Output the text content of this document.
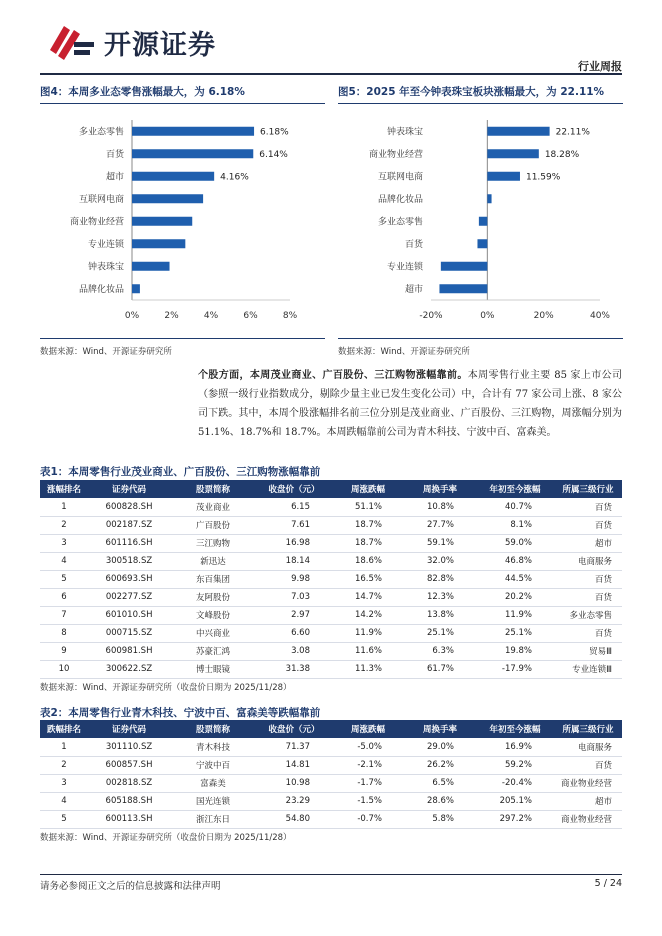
开源证券
行业周报
图4：本周多业态零售涨幅最大，为 6.18%
多业态零售	6.18%
百货	6.14%
超市	4.16%
互联网电商
商业物业经营
专业连锁
钟表珠宝
品牌化妆品
0%	2%	4%	6%	8%
数据来源：Wind、开源证券研究所
图5：2025 年至今钟表珠宝板块涨幅最大，为 22.11%
钟表珠宝	22.11%
商业物业经营	18.28%
互联网电商	11.59%
品牌化妆品
多业态零售
百货
专业连锁
超市
-20%	0%	20%	40%
数据来源：Wind、开源证券研究所
个股方面，本周茂业商业、广百股份、三江购物涨幅靠前。本周零售行业主要 85 家上市公司（参照一级行业指数成分，剔除少量主业已发生变化公司）中，合计有 77 家公司上涨、8 家公司下跌。其中，本周个股涨幅排名前三位分别是茂业商业、广百股份、三江购物，周涨幅分别为 51.1%、18.7%和 18.7%。本周跌幅靠前公司为青木科技、宁波中百、富森美。
表1：本周零售行业茂业商业、广百股份、三江购物涨幅靠前
涨幅排名	证券代码	股票简称	收盘价（元）	周涨跌幅	周换手率	年初至今涨幅	所属三级行业
1	600828.SH	茂业商业	6.15	51.1%	10.8%	40.7%	百货
2	002187.SZ	广百股份	7.61	18.7%	27.7%	8.1%	百货
3	601116.SH	三江购物	16.98	18.7%	59.1%	59.0%	超市
4	300518.SZ	新迅达	18.14	18.6%	32.0%	46.8%	电商服务
5	600693.SH	东百集团	9.98	16.5%	82.8%	44.5%	百货
6	002277.SZ	友阿股份	7.03	14.7%	12.3%	20.2%	百货
7	601010.SH	文峰股份	2.97	14.2%	13.8%	11.9%	多业态零售
8	000715.SZ	中兴商业	6.60	11.9%	25.1%	25.1%	百货
9	600981.SH	苏豪汇鸿	3.08	11.6%	6.3%	19.8%	贸易Ⅲ
10	300622.SZ	博士眼镜	31.38	11.3%	61.7%	-17.9%	专业连锁Ⅲ
数据来源：Wind、开源证券研究所（收盘价日期为 2025/11/28）
表2：本周零售行业青木科技、宁波中百、富森美等跌幅靠前
跌幅排名	证券代码	股票简称	收盘价（元）	周涨跌幅	周换手率	年初至今涨幅	所属三级行业
1	301110.SZ	青木科技	71.37	-5.0%	29.0%	16.9%	电商服务
2	600857.SH	宁波中百	14.81	-2.1%	26.2%	59.2%	百货
3	002818.SZ	富森美	10.98	-1.7%	6.5%	-20.4%	商业物业经营
4	605188.SH	国光连锁	23.29	-1.5%	28.6%	205.1%	超市
5	600113.SH	浙江东日	54.80	-0.7%	5.8%	297.2%	商业物业经营
数据来源：Wind、开源证券研究所（收盘价日期为 2025/11/28）
请务必参阅正文之后的信息披露和法律声明	5 / 24
